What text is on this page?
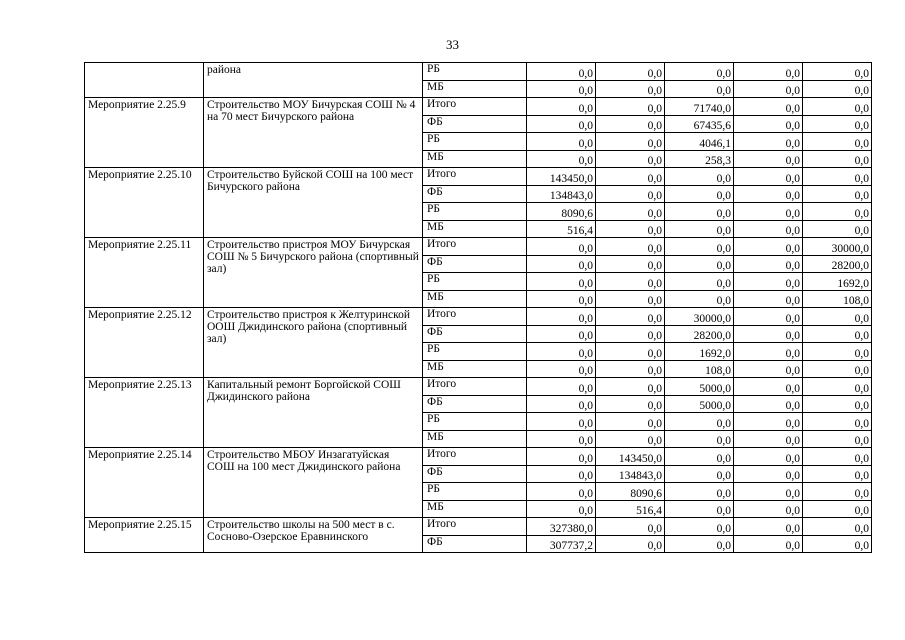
33
	района	РБ	0,0	0,0	0,0	0,0	0,0
		МБ	0,0	0,0	0,0	0,0	0,0
Мероприятие 2.25.9	Строительство МОУ Бичурская СОШ № 4 на 70 мест Бичурского района	Итого	0,0	0,0	71740,0	0,0	0,0
		ФБ	0,0	0,0	67435,6	0,0	0,0
		РБ	0,0	0,0	4046,1	0,0	0,0
		МБ	0,0	0,0	258,3	0,0	0,0
Мероприятие 2.25.10	Строительство Буйской СОШ на 100 мест Бичурского района	Итого	143450,0	0,0	0,0	0,0	0,0
		ФБ	134843,0	0,0	0,0	0,0	0,0
		РБ	8090,6	0,0	0,0	0,0	0,0
		МБ	516,4	0,0	0,0	0,0	0,0
Мероприятие 2.25.11	Строительство пристроя МОУ Бичурская СОШ № 5 Бичурского района (спортивный зал)	Итого	0,0	0,0	0,0	0,0	30000,0
		ФБ	0,0	0,0	0,0	0,0	28200,0
		РБ	0,0	0,0	0,0	0,0	1692,0
		МБ	0,0	0,0	0,0	0,0	108,0
Мероприятие 2.25.12	Строительство пристроя к Желтуринской ООШ Джидинского района (спортивный зал)	Итого	0,0	0,0	30000,0	0,0	0,0
		ФБ	0,0	0,0	28200,0	0,0	0,0
		РБ	0,0	0,0	1692,0	0,0	0,0
		МБ	0,0	0,0	108,0	0,0	0,0
Мероприятие 2.25.13	Капитальный ремонт Боргойской СОШ Джидинского района	Итого	0,0	0,0	5000,0	0,0	0,0
		ФБ	0,0	0,0	5000,0	0,0	0,0
		РБ	0,0	0,0	0,0	0,0	0,0
		МБ	0,0	0,0	0,0	0,0	0,0
Мероприятие 2.25.14	Строительство МБОУ Инзагатуйская СОШ на 100 мест Джидинского района	Итого	0,0	143450,0	0,0	0,0	0,0
		ФБ	0,0	134843,0	0,0	0,0	0,0
		РБ	0,0	8090,6	0,0	0,0	0,0
		МБ	0,0	516,4	0,0	0,0	0,0
Мероприятие 2.25.15	Строительство школы на 500 мест в с. Сосново-Озерское Еравнинского	Итого	327380,0	0,0	0,0	0,0	0,0
		ФБ	307737,2	0,0	0,0	0,0	0,0
